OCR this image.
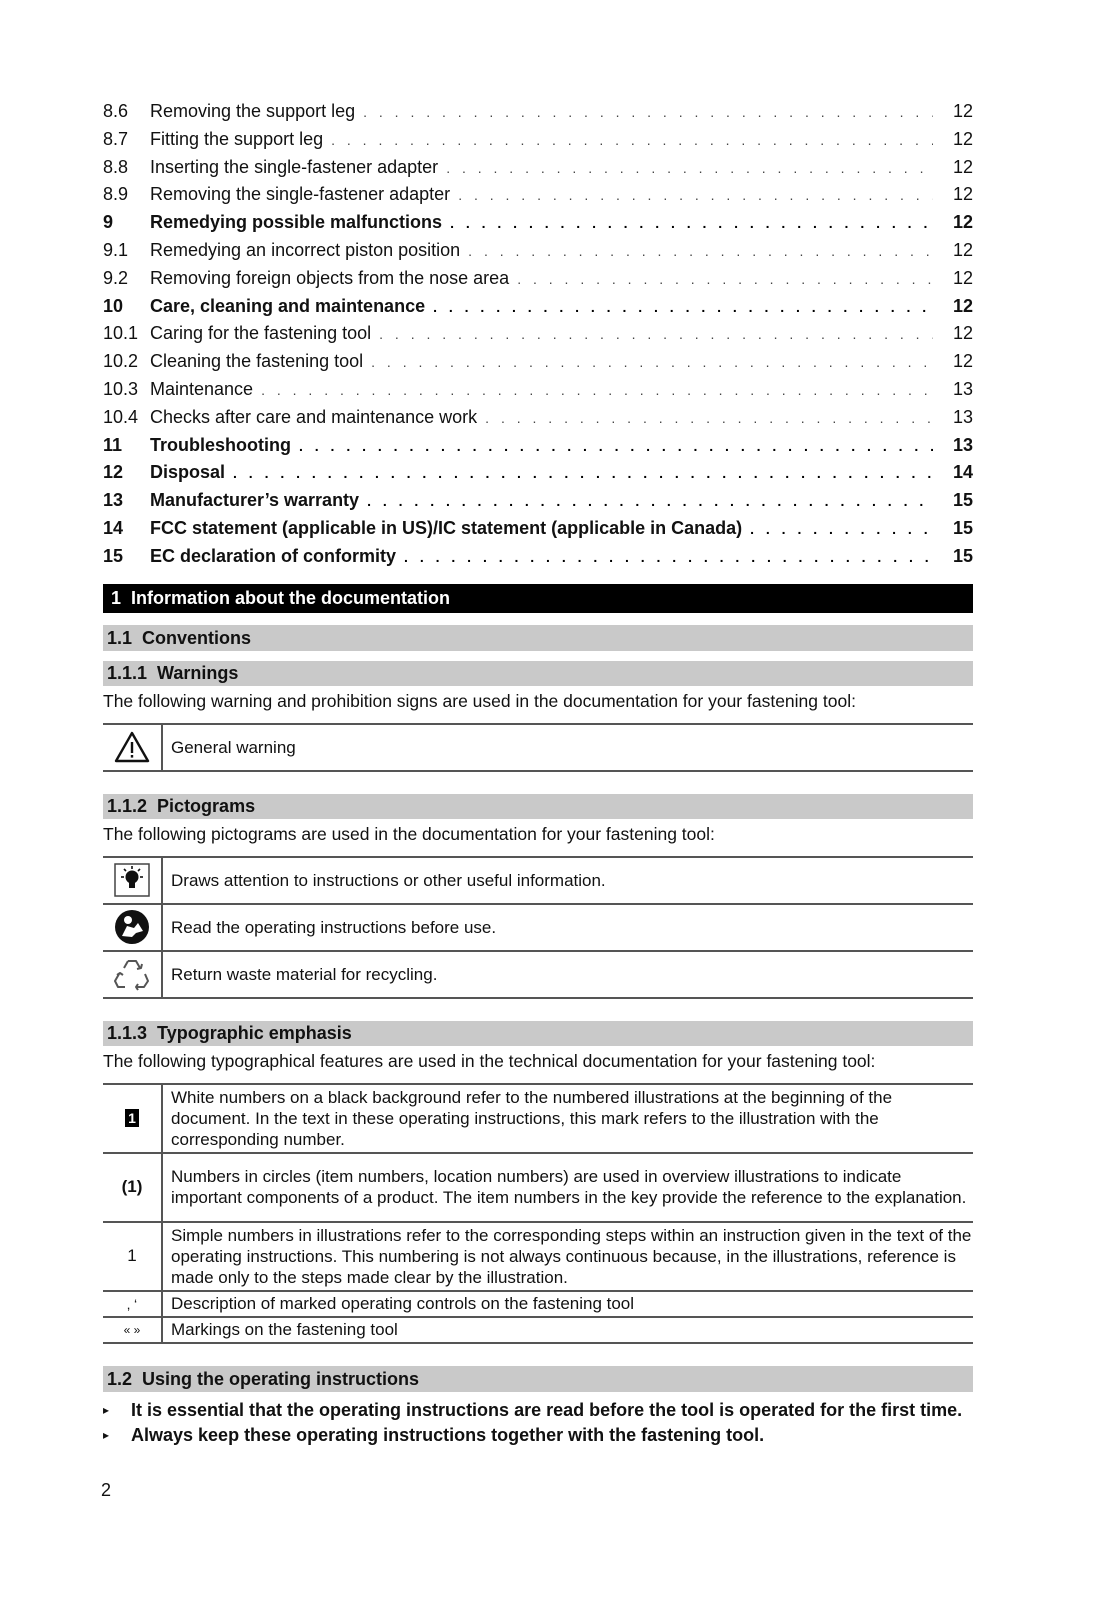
8.6	Removing the support leg . . .	12
8.7	Fitting the support leg . . .	12
8.8	Inserting the single-fastener adapter . . .	12
8.9	Removing the single-fastener adapter . . .	12
9	Remedying possible malfunctions . . .	12
9.1	Remedying an incorrect piston position . . .	12
9.2	Removing foreign objects from the nose area . . .	12
10	Care, cleaning and maintenance . . .	12
10.1 Caring for the fastening tool . . .	12
10.2 Cleaning the fastening tool . . .	12
10.3 Maintenance . . .	13
10.4 Checks after care and maintenance work . . .	13
11	Troubleshooting . . .	13
12	Disposal . . .	14
13	Manufacturer’s warranty . . .	15
14	FCC statement (applicable in US)/IC statement (applicable in Canada) . . .	15
15	EC declaration of conformity . . .	15
1 Information about the documentation
1.1 Conventions
1.1.1 Warnings
The following warning and prohibition signs are used in the documentation for your fastening tool:
	General warning
1.1.2 Pictograms
The following pictograms are used in the documentation for your fastening tool:
	Draws attention to instructions or other useful information.

	Read the operating instructions before use.

	Return waste material for recycling.
1.1.3 Typographic emphasis
The following typographical features are used in the technical documentation for your fastening tool:
1	White numbers on a black background refer to the numbered illustrations at the beginning of the document. In the text in these operating instructions, this mark refers to the illustration with the corresponding number.
(1)	Numbers in circles (item numbers, location numbers) are used in overview illustrations to indicate important components of a product. The item numbers in the key provide the reference to the explanation.
1	Simple numbers in illustrations refer to the corresponding steps within an instruction given in the text of the operating instructions. This numbering is not always continuous because, in the illustrations, reference is made only to the steps made clear by the illustration.
‚ ‘	Description of marked operating controls on the fastening tool
« »	Markings on the fastening tool
1.2 Using the operating instructions
▸ It is essential that the operating instructions are read before the tool is operated for the first time.
▸ Always keep these operating instructions together with the fastening tool.
2
